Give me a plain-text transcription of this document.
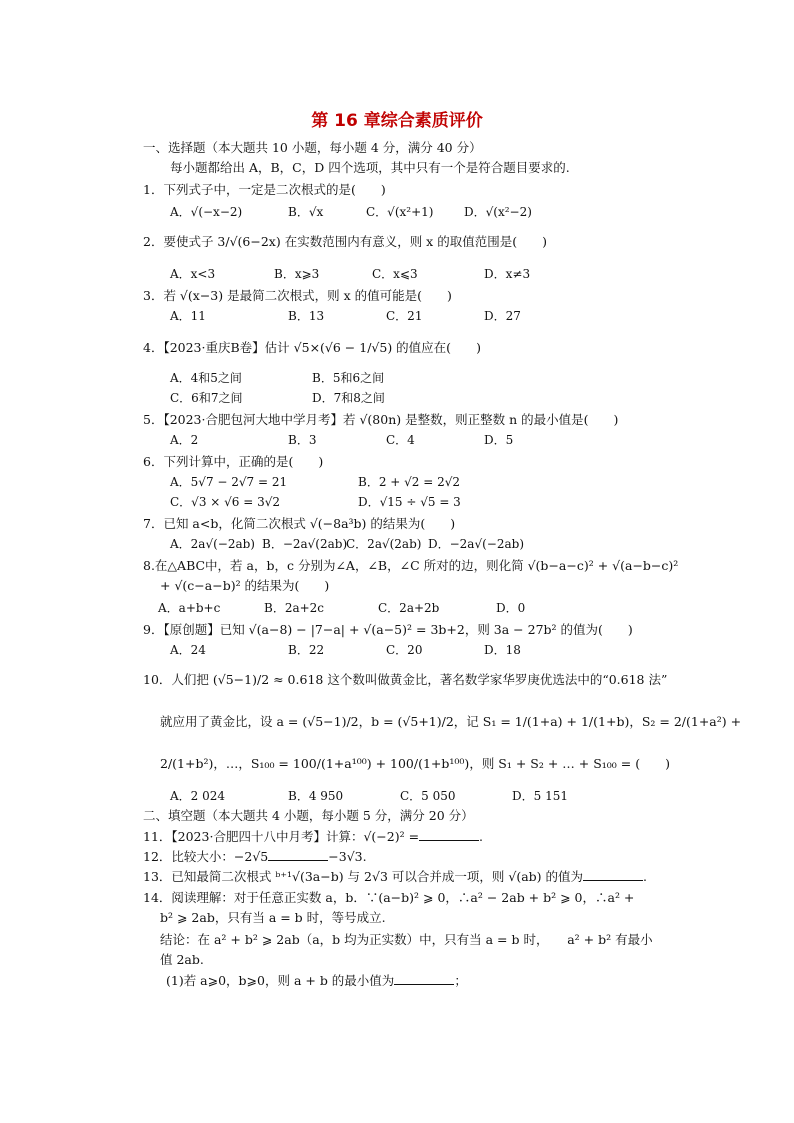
第 16 章综合素质评价
一、选择题（本大题共 10 小题，每小题 4 分，满分 40 分）
每小题都给出 A，B，C，D 四个选项，其中只有一个是符合题目要求的.
1．下列式子中，一定是二次根式的是(　　)
A．√(−x−2)	B．√x	C．√(x²+1)	D．√(x²−2)
2．要使式子 3/√(6−2x) 在实数范围内有意义，则 x 的取值范围是(　　)
A．x<3	B．x⩾3	C．x⩽3	D．x≠3
3．若 √(x−3) 是最简二次根式，则 x 的值可能是(　　)
A．11	B．13	C．21	D．27
4．【2023·重庆B卷】估计 √5×(√6 − 1/√5) 的值应在(　　)
A．4和5之间	B．5和6之间
C．6和7之间	D．7和8之间
5．【2023·合肥包河大地中学月考】若 √(80n) 是整数，则正整数 n 的最小值是(　　)
A．2	B．3	C．4	D．5
6．下列计算中，正确的是(　　)
A．5√7 − 2√7 = 21	B．2 + √2 = 2√2
C．√3 × √6 = 3√2	D．√15 ÷ √5 = 3
7．已知 a<b，化简二次根式 √(−8a³b) 的结果为(　　)
A．2a√(−2ab) B．−2a√(2ab)
C．2a√(2ab) D．−2a√(−2ab)
8.在△ABC中，若 a，b，c 分别为∠A，∠B，∠C 所对的边，则化简 √(b−a−c)² + √(a−b−c)²
+ √(c−a−b)² 的结果为(　　)
A．a+b+c	B．2a+2c	C．2a+2b	D．0
9．【原创题】已知 √(a−8) − |7−a| + √(a−5)² = 3b+2，则 3a − 27b² 的值为(　　)
A．24	B．22	C．20	D．18
10．人们把 (√5−1)/2 ≈ 0.618 这个数叫做黄金比，著名数学家华罗庚优选法中的“0.618 法”
就应用了黄金比，设 a = (√5−1)/2，b = (√5+1)/2，记 S₁ = 1/(1+a) + 1/(1+b)，S₂ = 2/(1+a²) +
2/(1+b²)，…，S₁₀₀ = 100/(1+a¹⁰⁰) + 100/(1+b¹⁰⁰)，则 S₁ + S₂ + … + S₁₀₀ = (　　)
A．2 024	B．4 950	C．5 050	D．5 151
二、填空题（本大题共 4 小题，每小题 5 分，满分 20 分）
11．【2023·合肥四十八中月考】计算：√(−2)² =	.
12．比较大小：−2√5	−3√3.
13．已知最简二次根式 ᵇ⁺¹√(3a−b) 与 2√3 可以合并成一项，则 √(ab) 的值为	.
14．阅读理解：对于任意正实数 a，b．∵(a−b)² ⩾ 0，∴a² − 2ab + b² ⩾ 0，∴a² +
b² ⩾ 2ab，只有当 a = b 时，等号成立.
结论：在 a² + b² ⩾ 2ab（a，b 均为正实数）中，只有当 a = b 时，　　a² + b² 有最小
值 2ab.
(1)若 a⩾0，b⩾0，则 a + b 的最小值为	；
